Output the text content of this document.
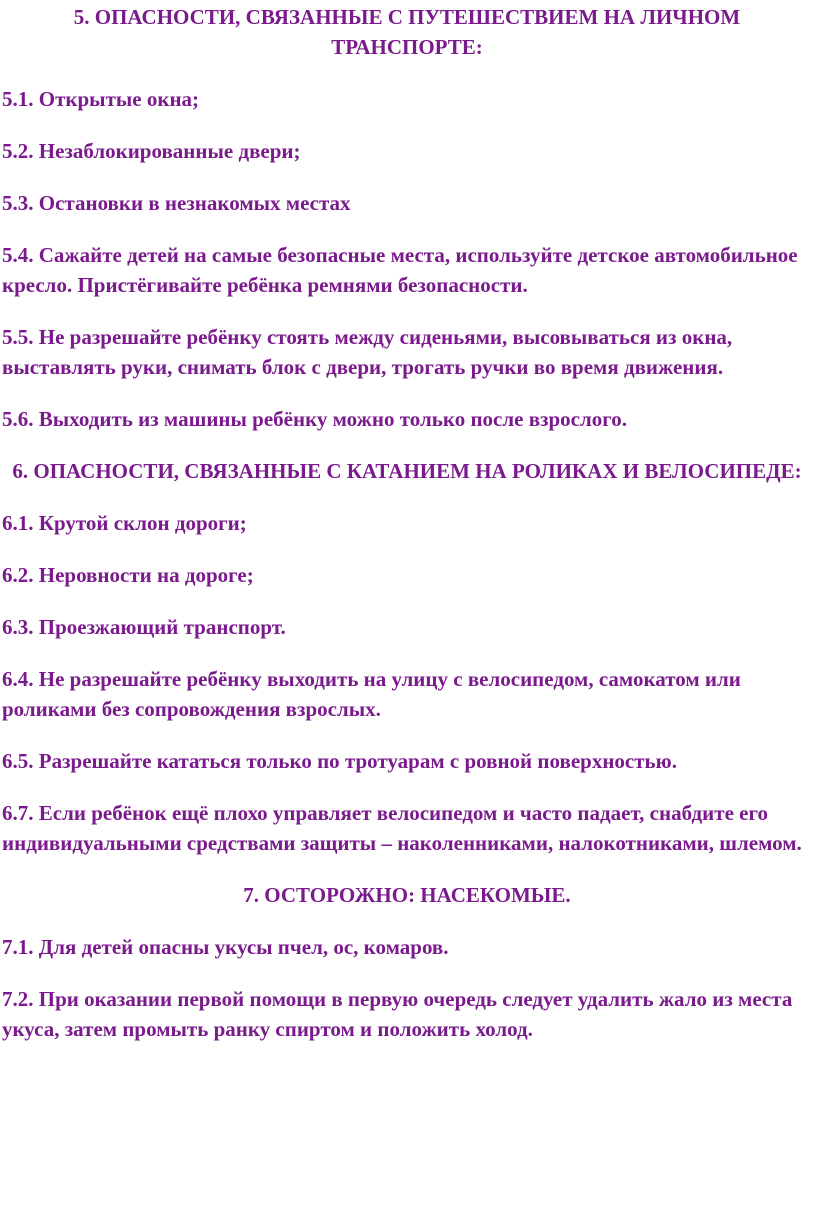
5. ОПАСНОСТИ, СВЯЗАННЫЕ С ПУТЕШЕСТВИЕМ НА ЛИЧНОМ ТРАНСПОРТЕ:
5.1. Открытые окна;
5.2. Незаблокированные двери;
5.3. Остановки в незнакомых местах
5.4. Сажайте детей на самые безопасные места, используйте детское автомобильное кресло. Пристёгивайте ребёнка ремнями безопасности.
5.5. Не разрешайте ребёнку стоять между сиденьями, высовываться из окна, выставлять руки, снимать блок с двери, трогать ручки во время движения.
5.6. Выходить из машины ребёнку можно только после взрослого.
6. ОПАСНОСТИ, СВЯЗАННЫЕ С КАТАНИЕМ НА РОЛИКАХ И ВЕЛОСИПЕДЕ:
6.1. Крутой склон дороги;
6.2. Неровности на дороге;
6.3. Проезжающий транспорт.
6.4. Не разрешайте ребёнку выходить на улицу с велосипедом, самокатом или роликами без сопровождения взрослых.
6.5. Разрешайте кататься только по тротуарам с ровной поверхностью.
6.7. Если ребёнок ещё плохо управляет велосипедом и часто падает, снабдите его индивидуальными средствами защиты – наколенниками, налокотниками, шлемом.
7. ОСТОРОЖНО: НАСЕКОМЫЕ.
7.1. Для детей опасны укусы пчел, ос, комаров.
7.2. При оказании первой помощи в первую очередь следует удалить жало из места укуса, затем промыть ранку спиртом и положить холод.
